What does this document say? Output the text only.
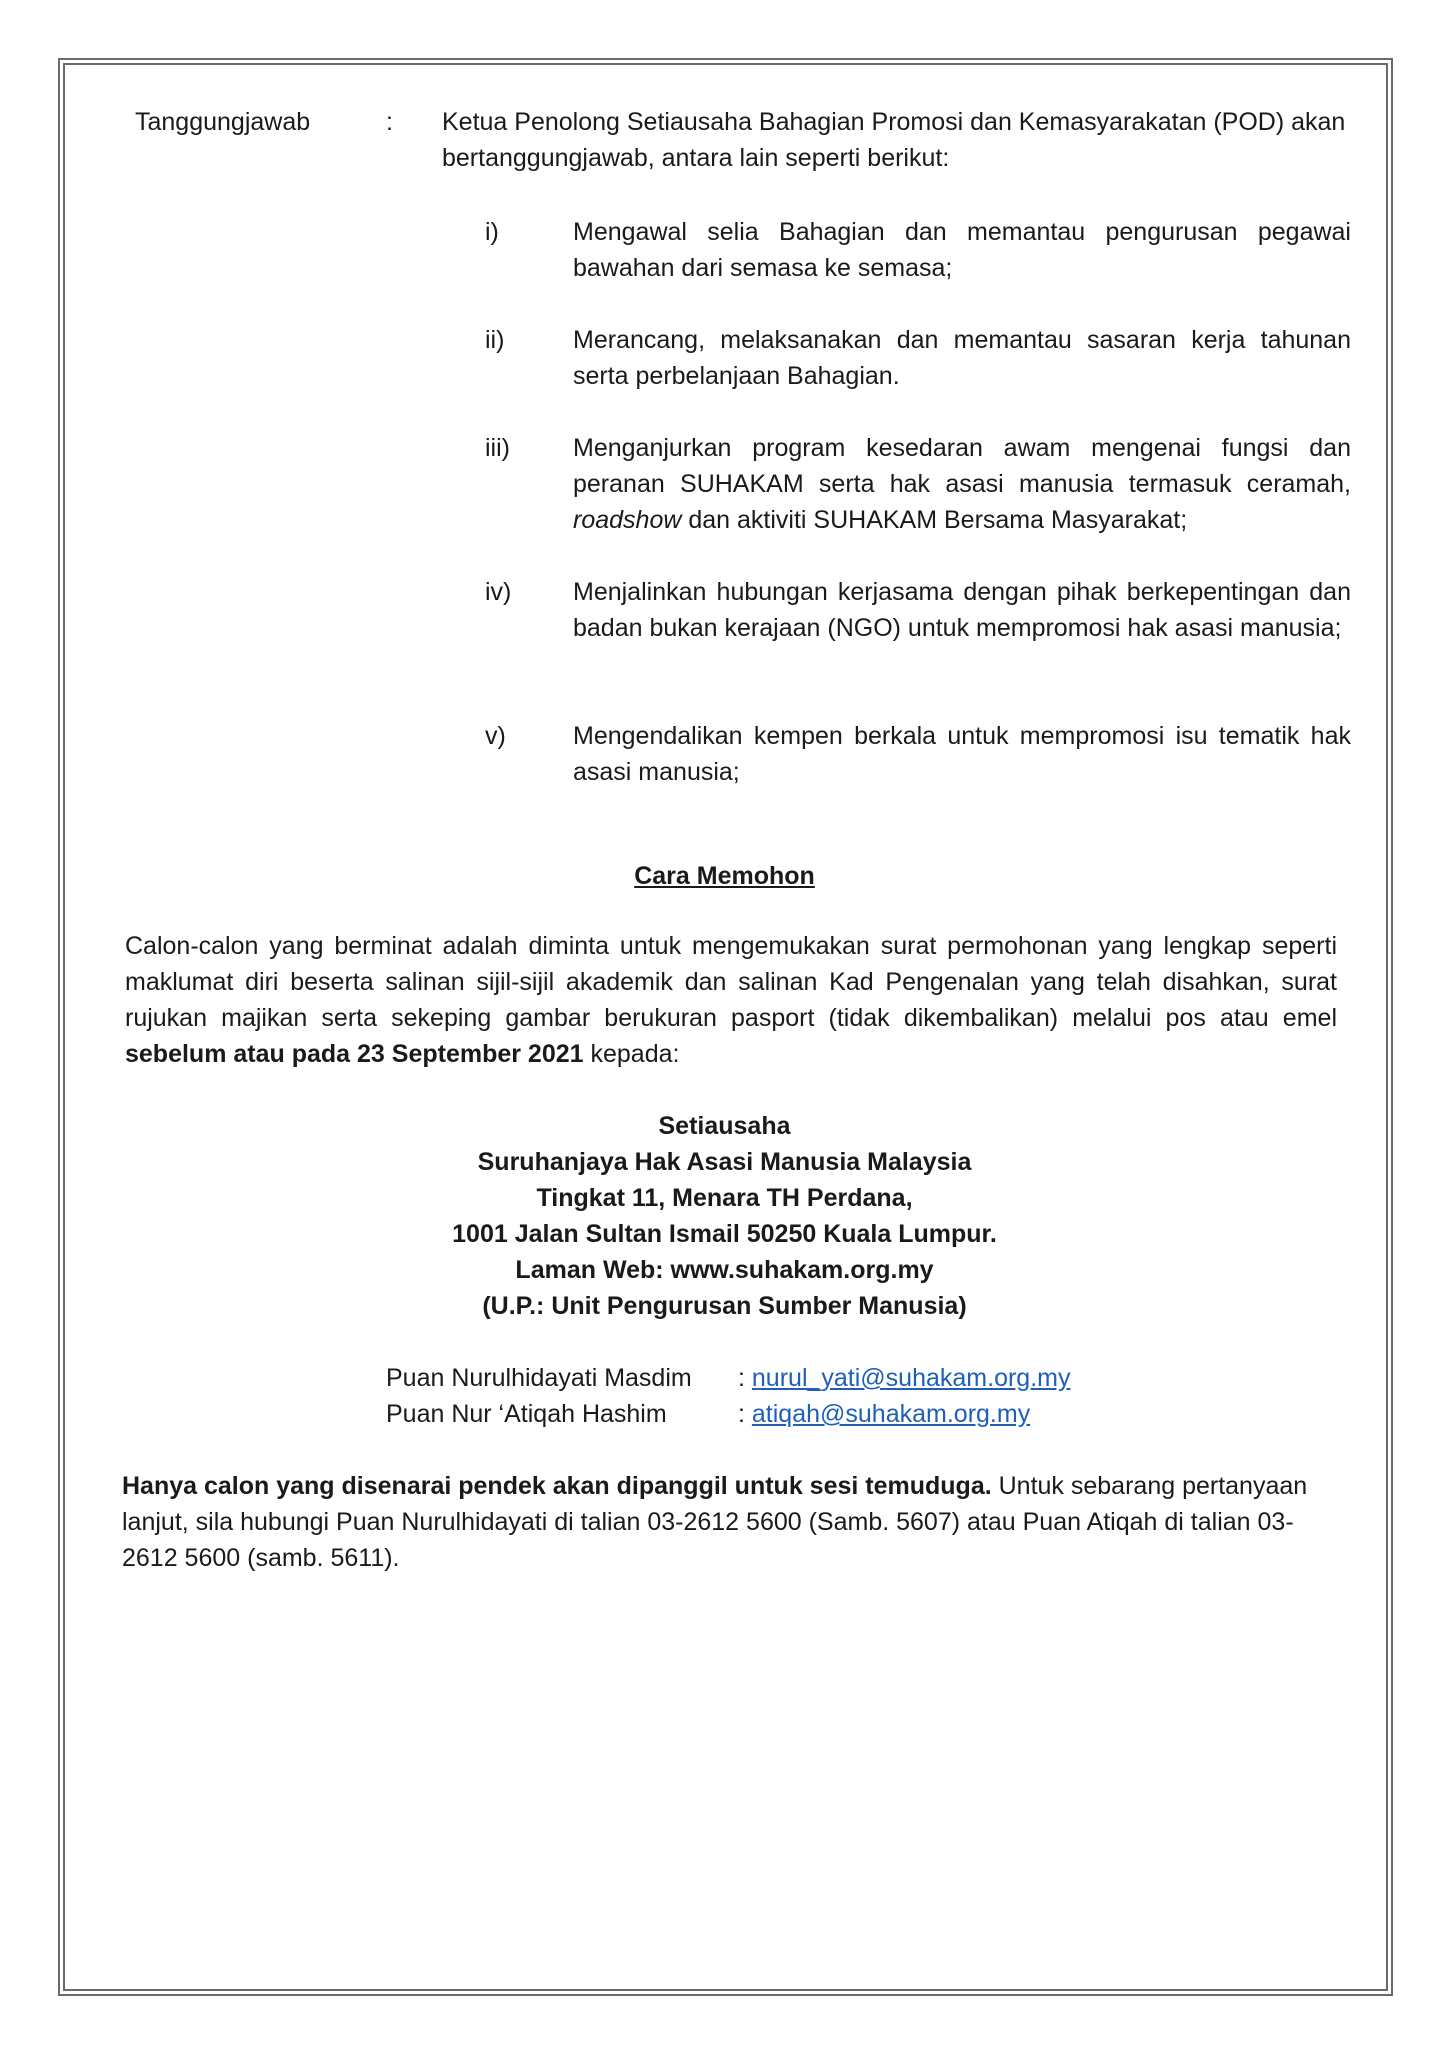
Tanggungjawab	: Ketua Penolong Setiausaha Bahagian Promosi dan Kemasyarakatan (POD) akan bertanggungjawab, antara lain seperti berikut:
i)	Mengawal selia Bahagian dan memantau pengurusan pegawai bawahan dari semasa ke semasa;
ii)	Merancang, melaksanakan dan memantau sasaran kerja tahunan serta perbelanjaan Bahagian.
iii)	Menganjurkan program kesedaran awam mengenai fungsi dan peranan SUHAKAM serta hak asasi manusia termasuk ceramah, roadshow dan aktiviti SUHAKAM Bersama Masyarakat;
iv) Menjalinkan hubungan kerjasama dengan pihak berkepentingan dan badan bukan kerajaan (NGO) untuk mempromosi hak asasi manusia;
v)	Mengendalikan kempen berkala untuk mempromosi isu tematik hak asasi manusia;
Cara Memohon
Calon-calon yang berminat adalah diminta untuk mengemukakan surat permohonan yang lengkap seperti maklumat diri beserta salinan sijil-sijil akademik dan salinan Kad Pengenalan yang telah disahkan, surat rujukan majikan serta sekeping gambar berukuran pasport (tidak dikembalikan) melalui pos atau emel sebelum atau pada 23 September 2021 kepada:
Setiausaha
Suruhanjaya Hak Asasi Manusia Malaysia
Tingkat 11, Menara TH Perdana,
1001 Jalan Sultan Ismail 50250 Kuala Lumpur.
Laman Web: www.suhakam.org.my
(U.P.: Unit Pengurusan Sumber Manusia)
Puan Nurulhidayati Masdim : nurul_yati@suhakam.org.my
Puan Nur ‘Atiqah Hashim	: atiqah@suhakam.org.my
Hanya calon yang disenarai pendek akan dipanggil untuk sesi temuduga. Untuk sebarang pertanyaan lanjut, sila hubungi Puan Nurulhidayati di talian 03-2612 5600 (Samb. 5607) atau Puan Atiqah di talian 03-2612 5600 (samb. 5611).
